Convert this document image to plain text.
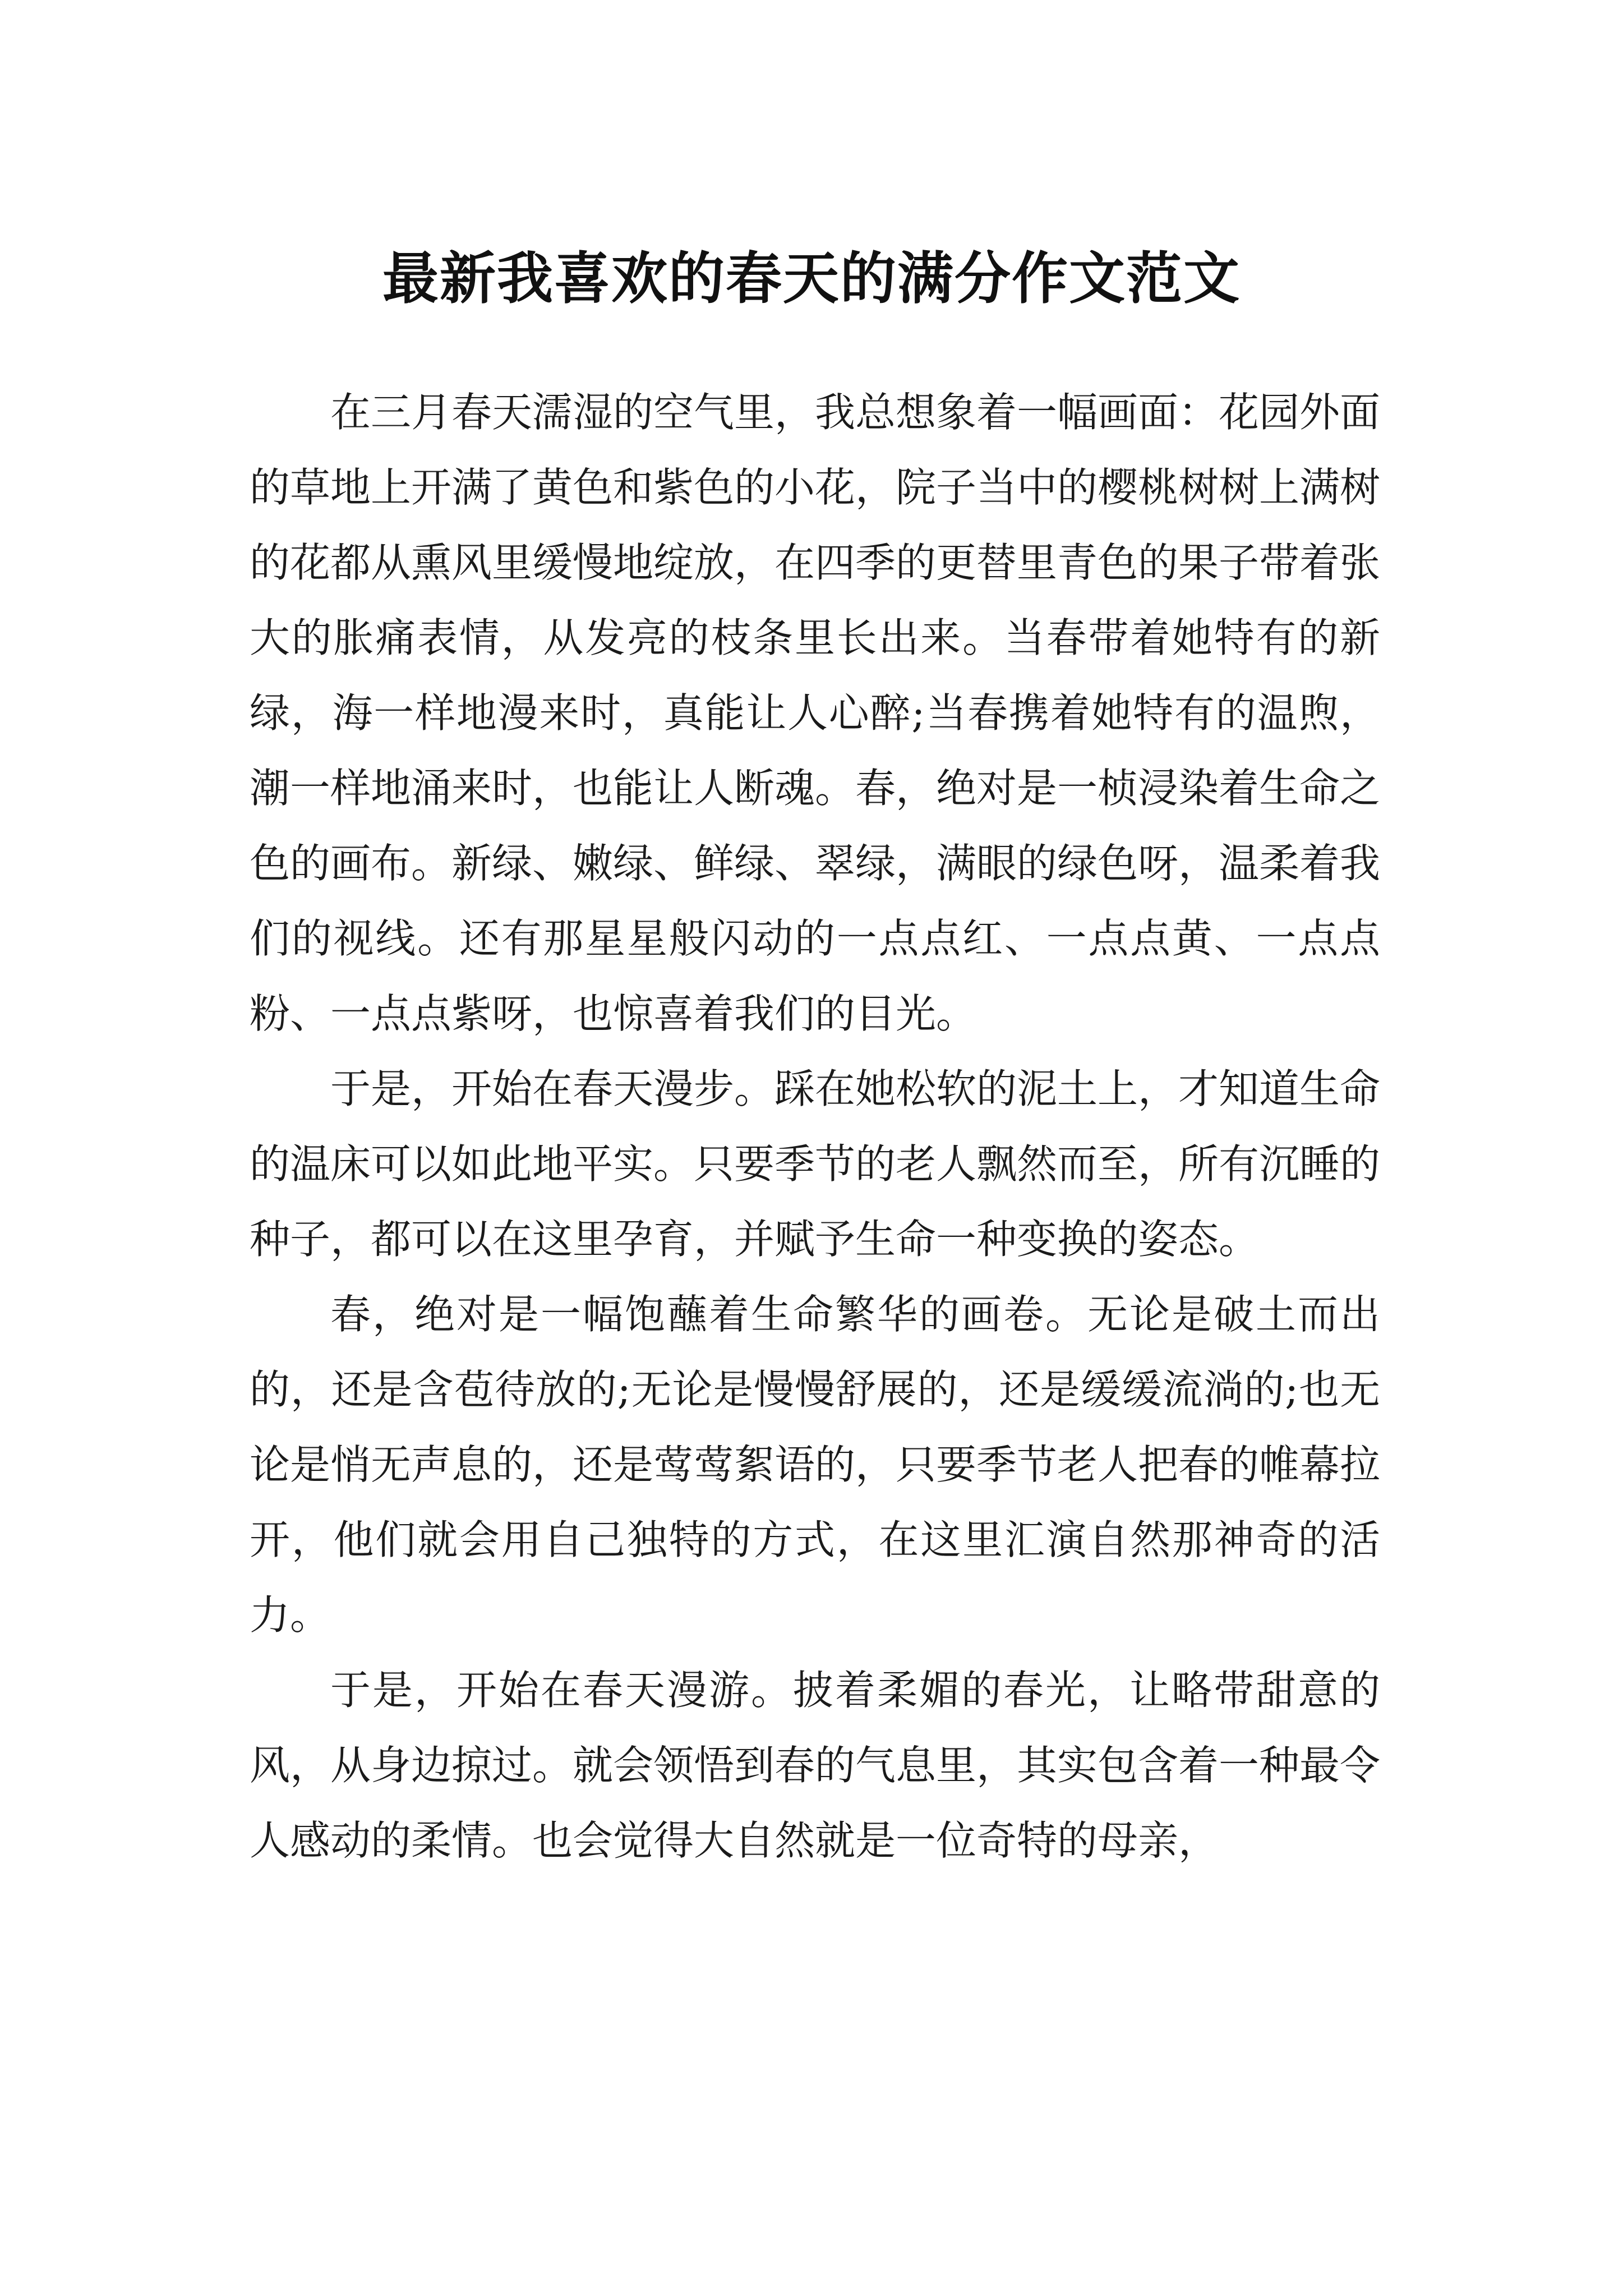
最新我喜欢的春天的满分作文范文

在三月春天濡湿的空气里，我总想象着一幅画面：花园外面的草地上开满了黄色和紫色的小花，院子当中的樱桃树树上满树的花都从熏风里缓慢地绽放，在四季的更替里青色的果子带着张大的胀痛表情，从发亮的枝条里长出来。当春带着她特有的新绿，海一样地漫来时，真能让人心醉;当春携着她特有的温煦，潮一样地涌来时，也能让人断魂。春，绝对是一桢浸染着生命之色的画布。新绿、嫩绿、鲜绿、翠绿，满眼的绿色呀，温柔着我们的视线。还有那星星般闪动的一点点红、一点点黄、一点点粉、一点点紫呀，也惊喜着我们的目光。

于是，开始在春天漫步。踩在她松软的泥土上，才知道生命的温床可以如此地平实。只要季节的老人飘然而至，所有沉睡的种子，都可以在这里孕育，并赋予生命一种变换的姿态。

春，绝对是一幅饱蘸着生命繁华的画卷。无论是破土而出的，还是含苞待放的;无论是慢慢舒展的，还是缓缓流淌的;也无论是悄无声息的，还是莺莺絮语的，只要季节老人把春的帷幕拉开，他们就会用自己独特的方式，在这里汇演自然那神奇的活力。

于是，开始在春天漫游。披着柔媚的春光，让略带甜意的风，从身边掠过。就会领悟到春的气息里，其实包含着一种最令人感动的柔情。也会觉得大自然就是一位奇特的母亲，
